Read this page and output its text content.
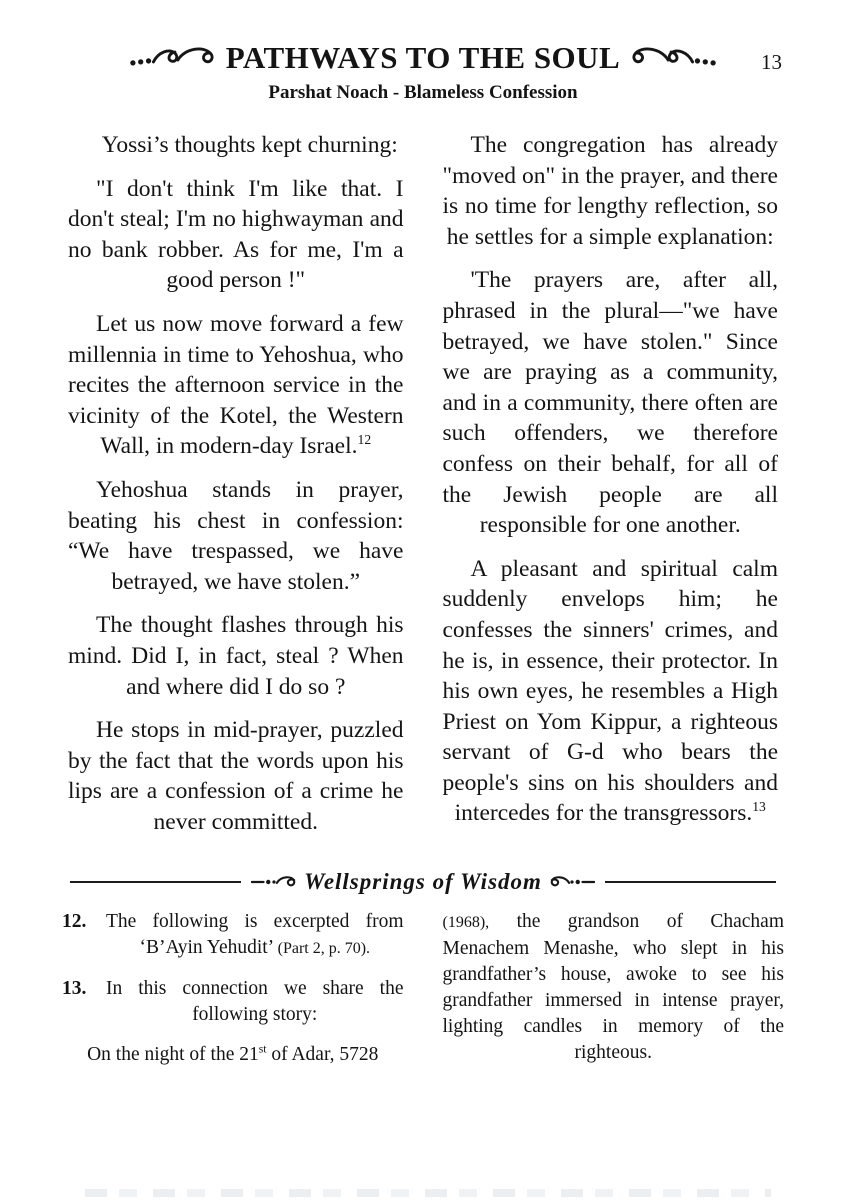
PATHWAYS TO THE SOUL	13
Parshat Noach - Blameless Confession

Yossi’s thoughts kept churning:

"I don't think I'm like that. I don't steal; I'm no highwayman and no bank robber. As for me, I'm a good person !"

Let us now move forward a few millennia in time to Yehoshua, who recites the afternoon service in the vicinity of the Kotel, the Western Wall, in modern-day Israel.$^{12}$

Yehoshua stands in prayer, beating his chest in confession: “We have trespassed, we have betrayed, we have stolen.”

The thought flashes through his mind. Did I, in fact, steal ? When and where did I do so ?

He stops in mid-prayer, puzzled by the fact that the words upon his lips are a confession of a crime he never committed.

The congregation has already "moved on" in the prayer, and there is no time for lengthy reflection, so he settles for a simple explanation:

'The prayers are, after all, phrased in the plural—"we have betrayed, we have stolen." Since we are praying as a community, and in a community, there often are such offenders, we therefore confess on their behalf, for all of the Jewish people are all responsible for one another.

A pleasant and spiritual calm suddenly envelops him; he confesses the sinners' crimes, and he is, in essence, their protector. In his own eyes, he resembles a High Priest on Yom Kippur, a righteous servant of G-d who bears the people's sins on his shoulders and intercedes for the transgressors.$^{13}$

Wellsprings of Wisdom
12.	The following is excerpted from ‘B’Ayin Yehudit’ (Part 2, p. 70).
13.	In this connection we share the following story:

On the night of the 21st of Adar, 5728

(1968), the grandson of Chacham Menachem Menashe, who slept in his grandfather’s house, awoke to see his grandfather immersed in intense prayer, lighting candles in memory of the righteous.
